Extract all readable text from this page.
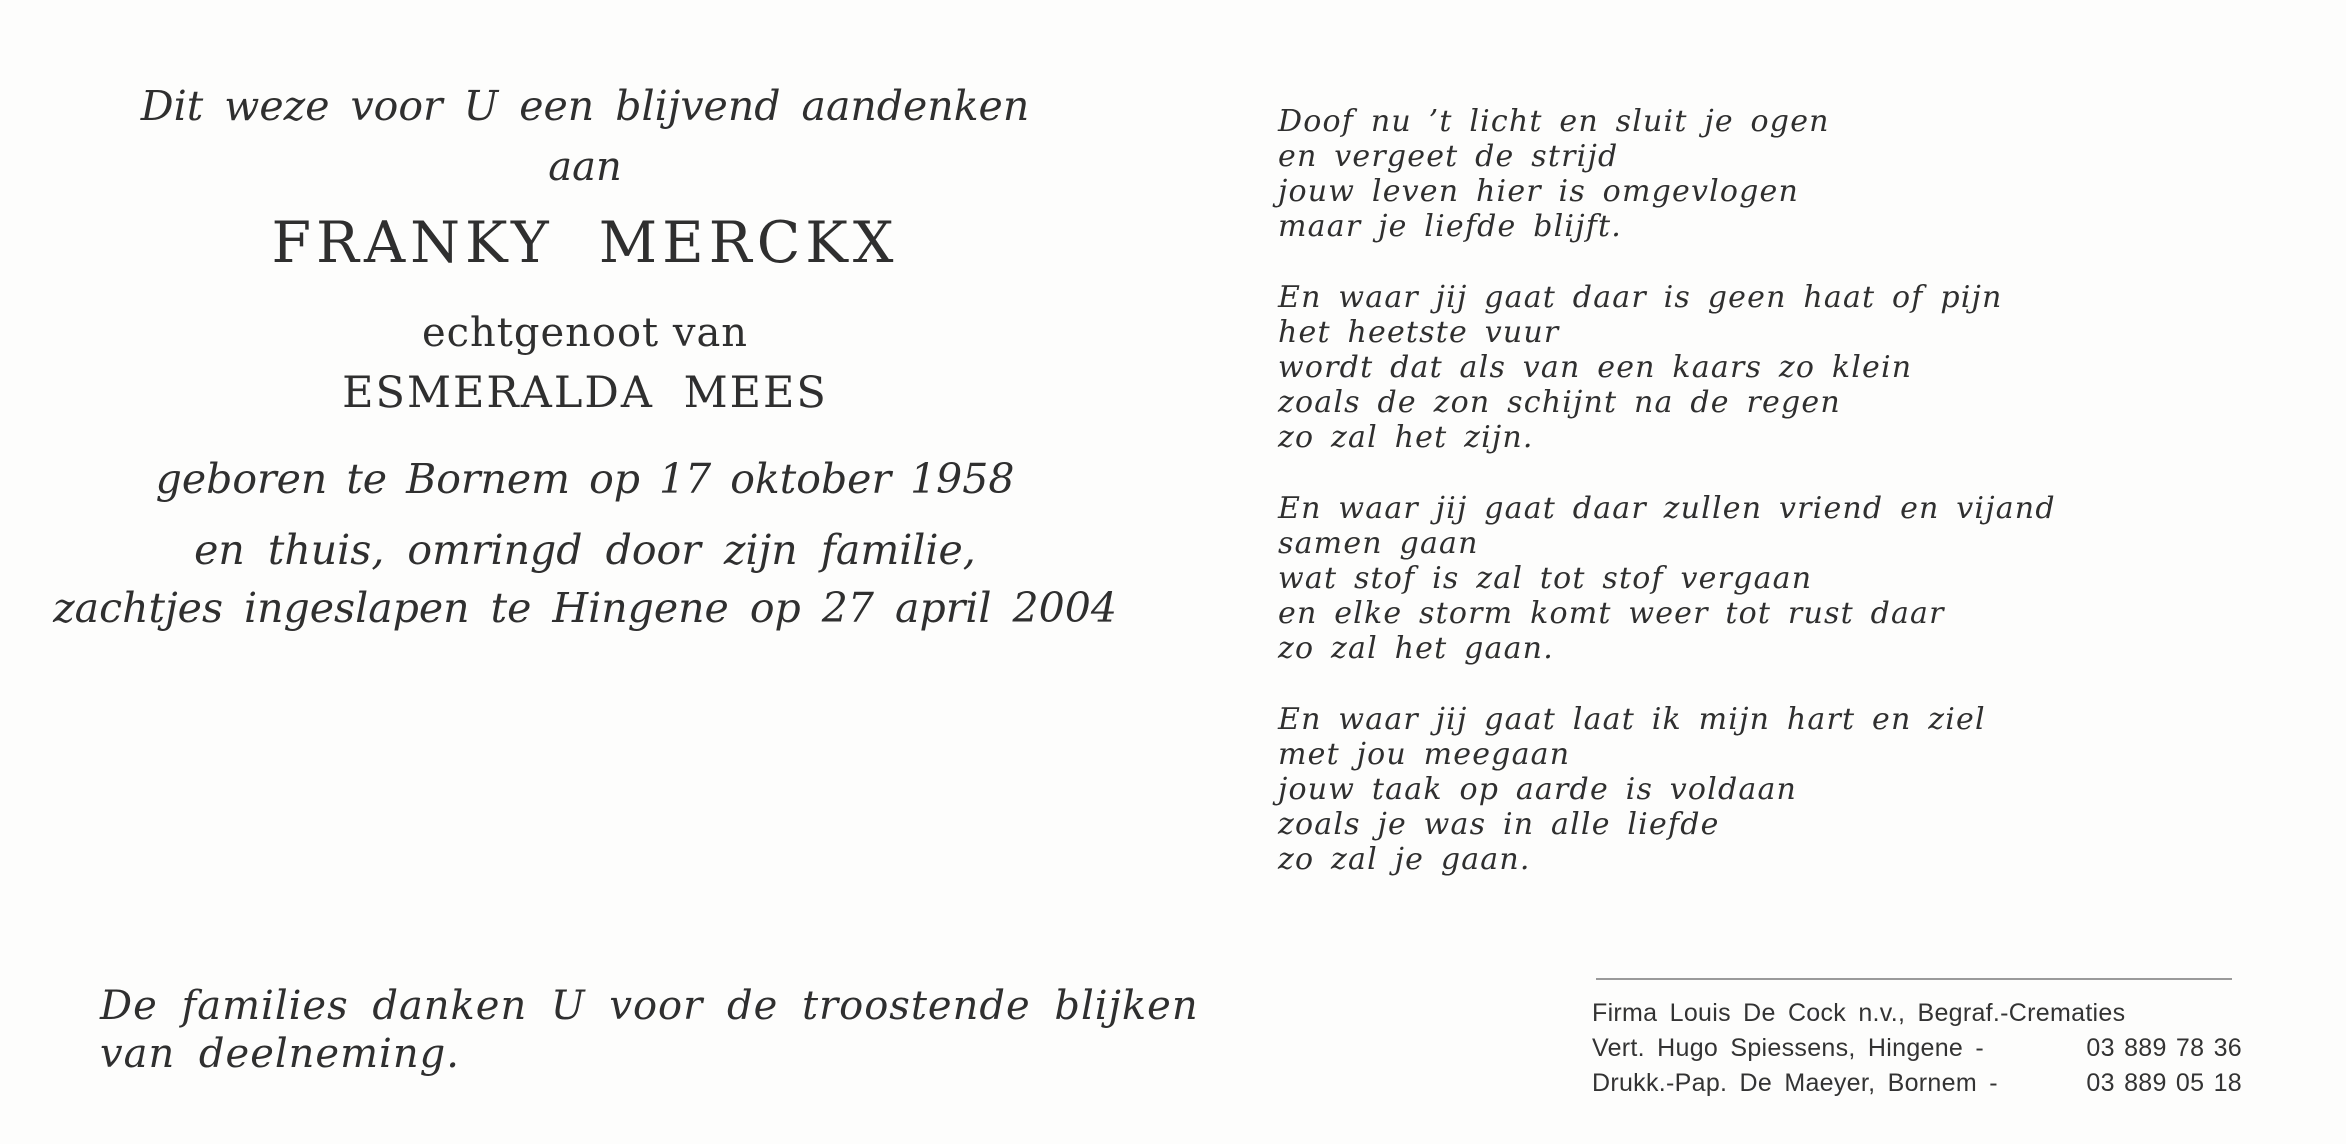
Dit weze voor U een blijvend aandenken
aan
FRANKY MERCKX
echtgenoot van
ESMERALDA MEES
geboren te Bornem op 17 oktober 1958
en thuis, omringd door zijn familie,
zachtjes ingeslapen te Hingene op 27 april 2004
Doof nu ’t licht en sluit je ogen
en vergeet de strijd
jouw leven hier is omgevlogen
maar je liefde blijft.
En waar jij gaat daar is geen haat of pijn
het heetste vuur
wordt dat als van een kaars zo klein
zoals de zon schijnt na de regen
zo zal het zijn.
En waar jij gaat daar zullen vriend en vijand
samen gaan
wat stof is zal tot stof vergaan
en elke storm komt weer tot rust daar
zo zal het gaan.
En waar jij gaat laat ik mijn hart en ziel
met jou meegaan
jouw taak op aarde is voldaan
zoals je was in alle liefde
zo zal je gaan.
De families danken U voor de troostende blijken
van deelneming.
Firma Louis De Cock n.v., Begraf.-Crematies
Vert. Hugo Spiessens, Hingene -	03 889 78 36
Drukk.-Pap. De Maeyer, Bornem -	03 889 05 18
